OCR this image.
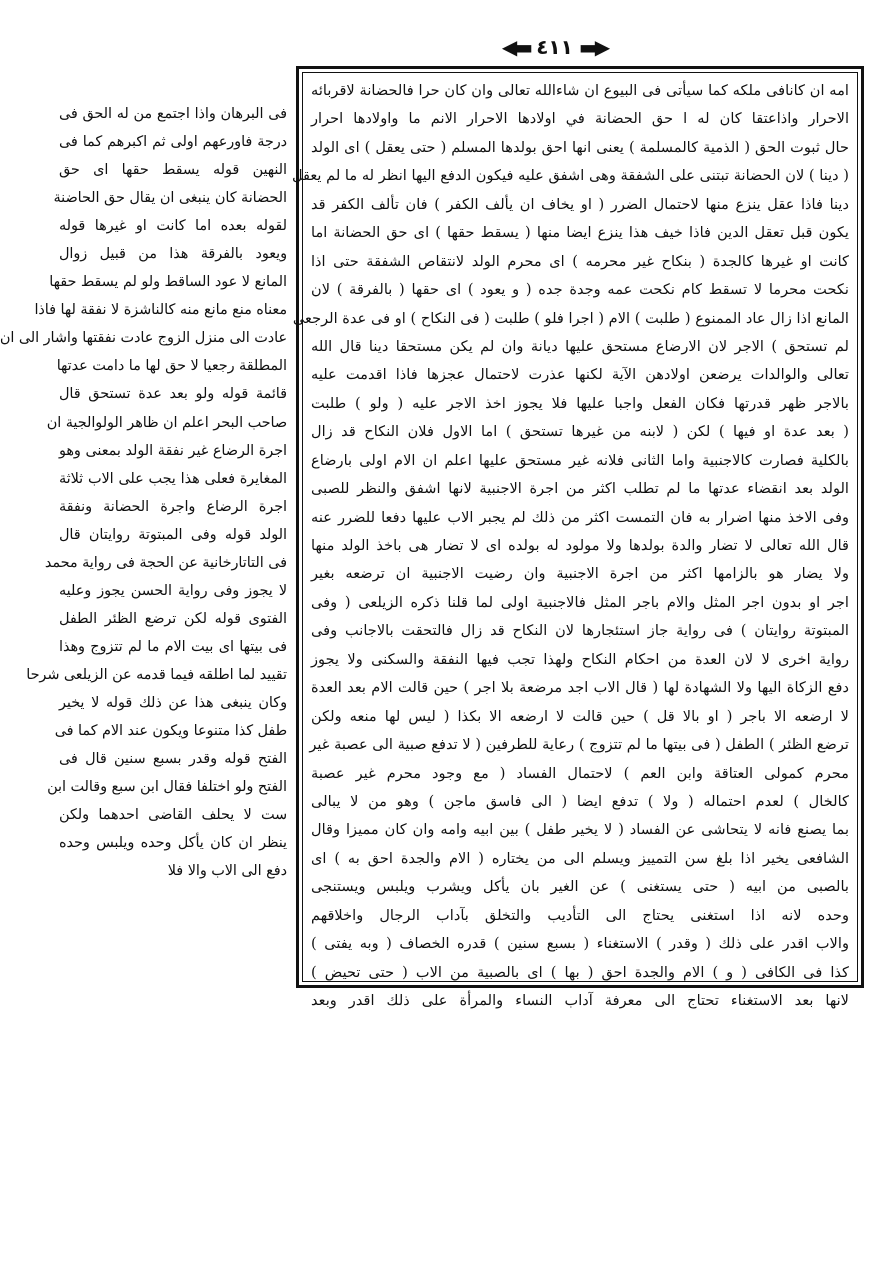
◀▬ ٤١١ ▬▶
امه ان كانافى ملكه كما سيأتى فى البيوع ان شاءالله تعالى وان كان حرا فالحضانة لاقربائه
الاحرار واذاعتقا كان له ا حق الحضانة في اولادها الاحرار الانم ما واولادها احرار
حال ثبوت الحق ( الذمية كالمسلمة ) يعنى انها احق بولدها المسلم ( حتى يعقل ) اى الولد
( دينا ) لان الحضانة تبتنى على الشفقة وهى اشفق عليه فيكون الدفع اليها انظر له ما لم يعقل
دينا فاذا عقل ينزع منها لاحتمال الضرر ( او يخاف ان يألف الكفر ) فان تألف الكفر قد
يكون قبل تعقل الدين فاذا خيف هذا ينزع ايضا منها ( يسقط حقها ) اى حق الحضانة اما
كانت او غيرها كالجدة ( بنكاح غير محرمه ) اى محرم الولد لانتقاص الشفقة حتى اذا
نكحت محرما لا تسقط كام نكحت عمه وجدة جده ( و يعود ) اى حقها ( بالفرقة ) لان
المانع اذا زال عاد الممنوع ( طلبت ) الام ( اجرا فلو ) طلبت ( فى النكاح ) او فى عدة الرجعى
لم تستحق ) الاجر لان الارضاع مستحق عليها ديانة وان لم يكن مستحقا دينا قال الله
تعالى والوالدات يرضعن اولادهن الآية لكنها عذرت لاحتمال عجزها فاذا اقدمت عليه
بالاجر ظهر قدرتها فكان الفعل واجبا عليها فلا يجوز اخذ الاجر عليه ( ولو ) طلبت
( بعد عدة او فيها ) لكن ( لابنه من غيرها تستحق ) اما الاول فلان النكاح قد زال
بالكلية فصارت كالاجنبية واما الثانى فلانه غير مستحق عليها اعلم ان الام اولى بارضاع
الولد بعد انقضاء عدتها ما لم تطلب اكثر من اجرة الاجنبية لانها اشفق والنظر للصبى
وفى الاخذ منها اضرار به فان التمست اكثر من ذلك لم يجبر الاب عليها دفعا للضرر عنه
قال الله تعالى لا تضار والدة بولدها ولا مولود له بولده اى لا تضار هى باخذ الولد منها
ولا يضار هو بالزامها اكثر من اجرة الاجنبية وان رضيت الاجنبية ان ترضعه بغير
اجر او بدون اجر المثل والام باجر المثل فالاجنبية اولى لما قلنا ذكره الزيلعى ( وفى
المبتوتة روايتان ) فى رواية جاز استئجارها لان النكاح قد زال فالتحقت بالاجانب وفى
رواية اخرى لا لان العدة من احكام النكاح ولهذا تجب فيها النفقة والسكنى ولا يجوز
دفع الزكاة اليها ولا الشهادة لها ( قال الاب اجد مرضعة بلا اجر ) حين قالت الام بعد العدة
لا ارضعه الا باجر ( او بالا قل ) حين قالت لا ارضعه الا بكذا ( ليس لها منعه ولكن
ترضع الظئر ) الطفل ( فى بيتها ما لم تتزوج ) رعاية للطرفين ( لا تدفع صبية الى عصبة غير
محرم كمولى العتاقة وابن العم ) لاحتمال الفساد ( مع وجود محرم غير عصبة
كالخال ) لعدم احتماله ( ولا ) تدفع ايضا ( الى فاسق ماجن ) وهو من لا يبالى
بما يصنع فانه لا يتحاشى عن الفساد ( لا يخير طفل ) بين ابيه وامه وان كان مميزا وقال
الشافعى يخير اذا بلغ سن التمييز ويسلم الى من يختاره ( الام والجدة احق به ) اى
بالصبى من ابيه ( حتى يستغنى ) عن الغير بان يأكل ويشرب ويلبس ويستنجى
وحده لانه اذا استغنى يحتاج الى التأديب والتخلق بآداب الرجال واخلاقهم
والاب اقدر على ذلك ( وقدر ) الاستغناء ( بسبع سنين ) قدره الخصاف ( وبه يفتى )
كذا فى الكافى ( و ) الام والجدة احق ( بها ) اى بالصبية من الاب ( حتى تحيض )
لانها بعد الاستغناء تحتاج الى معرفة آداب النساء والمرأة على ذلك اقدر وبعد
فى البرهان واذا اجتمع من له الحق فى
درجة فاورعهم اولى ثم اكبرهم كما فى
النهين قوله يسقط حقها اى حق
الحضانة كان ينبغى ان يقال حق الحاضنة
لقوله بعده اما كانت او غيرها قوله
ويعود بالفرقة هذا من قبيل زوال
المانع لا عود الساقط ولو لم يسقط حقها
معناه منع مانع منه كالناشزة لا نفقة لها فاذا
عادت الى منزل الزوج عادت نفقتها واشار الى ان
المطلقة رجعيا لا حق لها ما دامت عدتها
قائمة قوله ولو بعد عدة تستحق قال
صاحب البحر اعلم ان ظاهر الولوالجية ان
اجرة الرضاع غير نفقة الولد بمعنى وهو
المغايرة فعلى هذا يجب على الاب ثلاثة
اجرة الرضاع واجرة الحضانة ونفقة
الولد قوله وفى المبتوتة روايتان قال
فى التاتارخانية عن الحجة فى رواية محمد
لا يجوز وفى رواية الحسن يجوز وعليه
الفتوى قوله لكن ترضع الظئر الطفل
فى بيتها اى بيت الام ما لم تتزوج وهذا
تقييد لما اطلقه فيما قدمه عن الزيلعى شرحا
وكان ينبغى هذا عن ذلك قوله لا يخير
طفل كذا متنوعا ويكون عند الام كما فى
الفتح قوله وقدر بسبع سنين قال فى
الفتح ولو اختلفا فقال ابن سبع وقالت ابن
ست لا يحلف القاضى احدهما ولكن
ينظر ان كان يأكل وحده ويلبس وحده
دفع الى الاب والا فلا
